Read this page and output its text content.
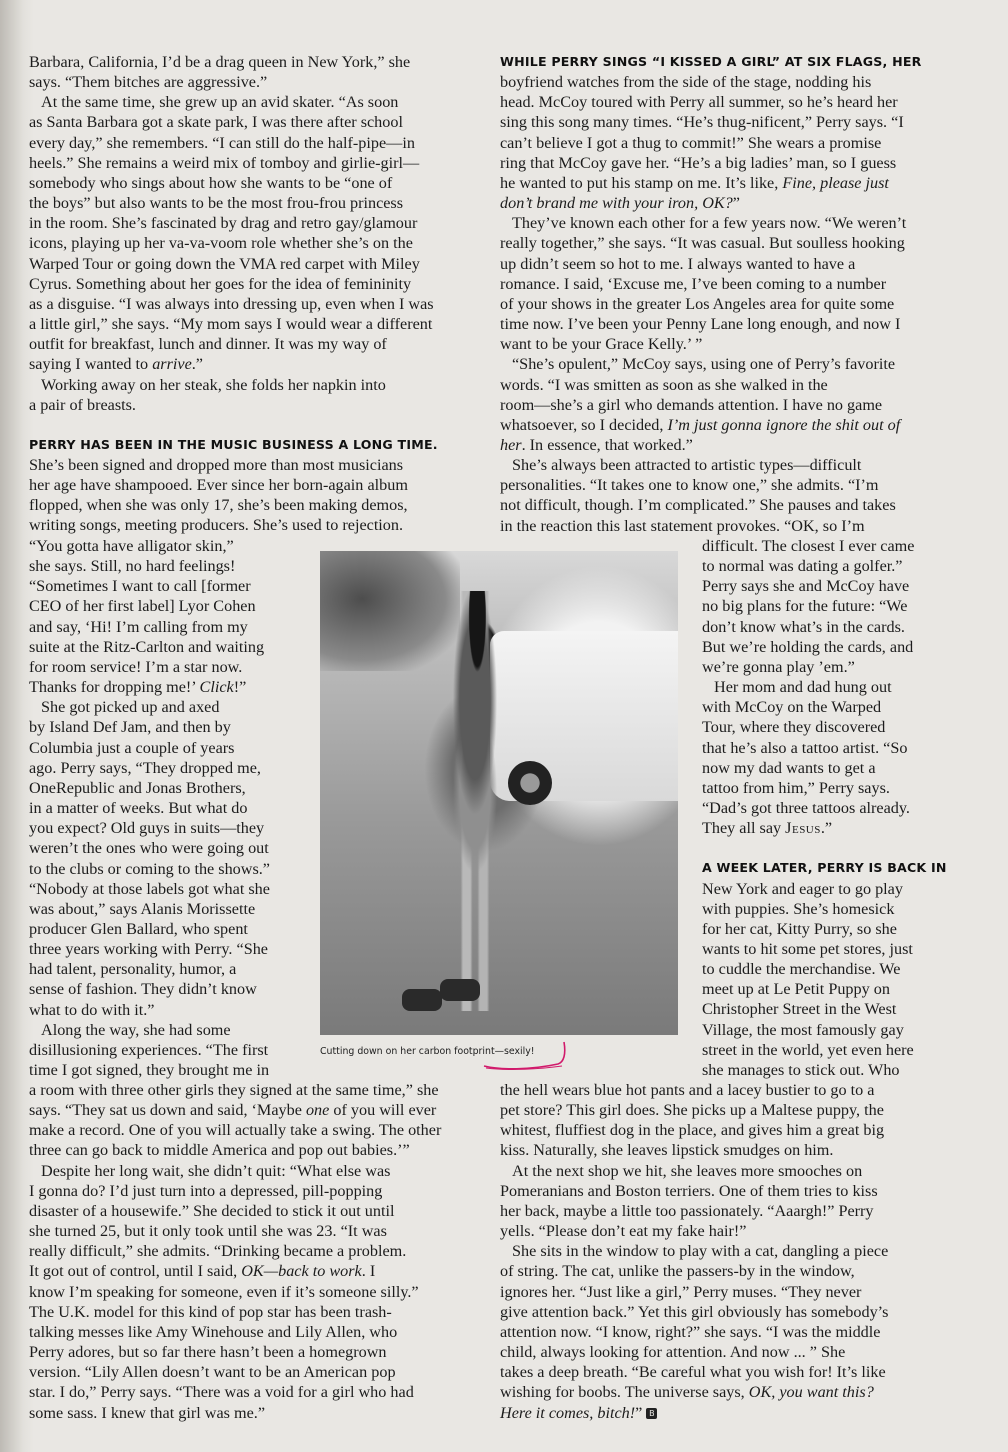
Barbara, California, I’d be a drag queen in New York,” she

says. “Them bitches are aggressive.”

At the same time, she grew up an avid skater. “As soon

as Santa Barbara got a skate park, I was there after school

every day,” she remembers. “I can still do the half-pipe—in

heels.” She remains a weird mix of tomboy and girlie-girl—

somebody who sings about how she wants to be “one of

the boys” but also wants to be the most frou-frou princess

in the room. She’s fascinated by drag and retro gay/glamour

icons, playing up her va-va-voom role whether she’s on the

Warped Tour or going down the VMA red carpet with Miley

Cyrus. Something about her goes for the idea of femininity

as a disguise. “I was always into dressing up, even when I was

a little girl,” she says. “My mom says I would wear a different

outfit for breakfast, lunch and dinner. It was my way of

saying I wanted to arrive.”

Working away on her steak, she folds her napkin into

a pair of breasts.

PERRY HAS BEEN IN THE MUSIC BUSINESS A LONG TIME.

She’s been signed and dropped more than most musicians

her age have shampooed. Ever since her born-again album

flopped, when she was only 17, she’s been making demos,

writing songs, meeting producers. She’s used to rejection.

“You gotta have alligator skin,”

she says. Still, no hard feelings!

“Sometimes I want to call [former

CEO of her first label] Lyor Cohen

and say, ‘Hi! I’m calling from my

suite at the Ritz-Carlton and waiting

for room service! I’m a star now.

Thanks for dropping me!’ Click!”

She got picked up and axed

by Island Def Jam, and then by

Columbia just a couple of years

ago. Perry says, “They dropped me,

OneRepublic and Jonas Brothers,

in a matter of weeks. But what do

you expect? Old guys in suits—they

weren’t the ones who were going out

to the clubs or coming to the shows.”

“Nobody at those labels got what she

was about,” says Alanis Morissette

producer Glen Ballard, who spent

three years working with Perry. “She

had talent, personality, humor, a

sense of fashion. They didn’t know

what to do with it.”

Along the way, she had some

disillusioning experiences. “The first

time I got signed, they brought me in

a room with three other girls they signed at the same time,” she

says. “They sat us down and said, ‘Maybe one of you will ever

make a record. One of you will actually take a swing. The other

three can go back to middle America and pop out babies.’”

Despite her long wait, she didn’t quit: “What else was

I gonna do? I’d just turn into a depressed, pill-popping

disaster of a housewife.” She decided to stick it out until

she turned 25, but it only took until she was 23. “It was

really difficult,” she admits. “Drinking became a problem.

It got out of control, until I said, OK—back to work. I

know I’m speaking for someone, even if it’s someone silly.”

The U.K. model for this kind of pop star has been trash-

talking messes like Amy Winehouse and Lily Allen, who

Perry adores, but so far there hasn’t been a homegrown

version. “Lily Allen doesn’t want to be an American pop

star. I do,” Perry says. “There was a void for a girl who had

some sass. I knew that girl was me.”

WHILE PERRY SINGS “I KISSED A GIRL” AT SIX FLAGS, HER

boyfriend watches from the side of the stage, nodding his

head. McCoy toured with Perry all summer, so he’s heard her

sing this song many times. “He’s thug-nificent,” Perry says. “I

can’t believe I got a thug to commit!” She wears a promise

ring that McCoy gave her. “He’s a big ladies’ man, so I guess

he wanted to put his stamp on me. It’s like, Fine, please just

don’t brand me with your iron, OK?”

They’ve known each other for a few years now. “We weren’t

really together,” she says. “It was casual. But soulless hooking

up didn’t seem so hot to me. I always wanted to have a

romance. I said, ‘Excuse me, I’ve been coming to a number

of your shows in the greater Los Angeles area for quite some

time now. I’ve been your Penny Lane long enough, and now I

want to be your Grace Kelly.’ ”

“She’s opulent,” McCoy says, using one of Perry’s favorite

words. “I was smitten as soon as she walked in the

room—she’s a girl who demands attention. I have no game

whatsoever, so I decided, I’m just gonna ignore the shit out of

her. In essence, that worked.”

She’s always been attracted to artistic types—difficult

personalities. “It takes one to know one,” she admits. “I’m

not difficult, though. I’m complicated.” She pauses and takes

in the reaction this last statement provokes. “OK, so I’m

difficult. The closest I ever came

to normal was dating a golfer.”

Perry says she and McCoy have

no big plans for the future: “We

don’t know what’s in the cards.

But we’re holding the cards, and

we’re gonna play ’em.”

Her mom and dad hung out

with McCoy on the Warped

Tour, where they discovered

that he’s also a tattoo artist. “So

now my dad wants to get a

tattoo from him,” Perry says.

“Dad’s got three tattoos already.

They all say Jesus.”

A WEEK LATER, PERRY IS BACK IN

New York and eager to go play

with puppies. She’s homesick

for her cat, Kitty Purry, so she

wants to hit some pet stores, just

to cuddle the merchandise. We

meet up at Le Petit Puppy on

Christopher Street in the West

Village, the most famously gay

street in the world, yet even here

she manages to stick out. Who

the hell wears blue hot pants and a lacey bustier to go to a

pet store? This girl does. She picks up a Maltese puppy, the

whitest, fluffiest dog in the place, and gives him a great big

kiss. Naturally, she leaves lipstick smudges on him.

At the next shop we hit, she leaves more smooches on

Pomeranians and Boston terriers. One of them tries to kiss

her back, maybe a little too passionately. “Aaargh!” Perry

yells. “Please don’t eat my fake hair!”

She sits in the window to play with a cat, dangling a piece

of string. The cat, unlike the passers-by in the window,

ignores her. “Just like a girl,” Perry muses. “They never

give attention back.” Yet this girl obviously has somebody’s

attention now. “I know, right?” she says. “I was the middle

child, always looking for attention. And now ... ” She

takes a deep breath. “Be careful what you wish for! It’s like

wishing for boobs. The universe says, OK, you want this?

Here it comes, bitch!” B

Cutting down on her carbon footprint—sexily!
